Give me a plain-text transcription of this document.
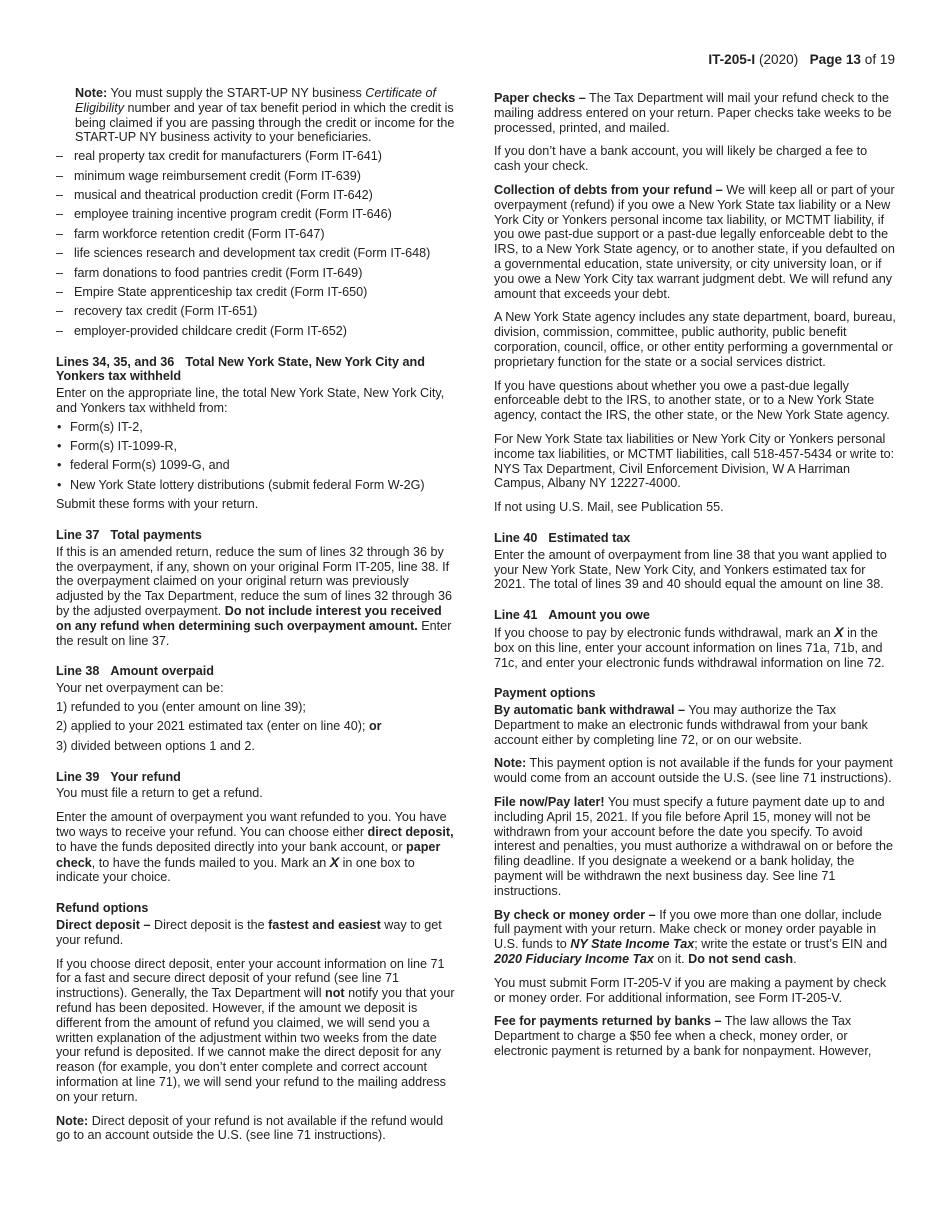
IT-205-I (2020) Page 13 of 19

Note: You must supply the START-UP NY business Certificate of Eligibility number and year of tax benefit period in which the credit is being claimed if you are passing through the credit or income for the START-UP NY business activity to your beneficiaries.

– real property tax credit for manufacturers (Form IT-641)
– minimum wage reimbursement credit (Form IT-639)
– musical and theatrical production credit (Form IT-642)
– employee training incentive program credit (Form IT-646)
– farm workforce retention credit (Form IT-647)
– life sciences research and development tax credit (Form IT-648)
– farm donations to food pantries credit (Form IT-649)
– Empire State apprenticeship tax credit (Form IT-650)
– recovery tax credit (Form IT-651)
– employer-provided childcare credit (Form IT-652)
Lines 34, 35, and 36 Total New York State, New York City and Yonkers tax withheld

Enter on the appropriate line, the total New York State, New York City, and Yonkers tax withheld from:

• Form(s) IT-2,
• Form(s) IT-1099-R,
• federal Form(s) 1099-G, and
• New York State lottery distributions (submit federal Form W-2G)

Submit these forms with your return.

Line 37 Total payments

If this is an amended return, reduce the sum of lines 32 through 36 by the overpayment, if any, shown on your original Form IT-205, line 38. If the overpayment claimed on your original return was previously adjusted by the Tax Department, reduce the sum of lines 32 through 36 by the adjusted overpayment. Do not include interest you received on any refund when determining such overpayment amount. Enter the result on line 37.

Line 38 Amount overpaid

Your net overpayment can be:

1) refunded to you (enter amount on line 39);
2) applied to your 2021 estimated tax (enter on line 40); or
3) divided between options 1 and 2.
Line 39 Your refund

You must file a return to get a refund.

Enter the amount of overpayment you want refunded to you. You have two ways to receive your refund. You can choose either direct deposit, to have the funds deposited directly into your bank account, or paper check, to have the funds mailed to you. Mark an X in one box to indicate your choice.

Refund options

Direct deposit – Direct deposit is the fastest and easiest way to get your refund.

If you choose direct deposit, enter your account information on line 71 for a fast and secure direct deposit of your refund (see line 71 instructions). Generally, the Tax Department will not notify you that your refund has been deposited. However, if the amount we deposit is different from the amount of refund you claimed, we will send you a written explanation of the adjustment within two weeks from the date your refund is deposited. If we cannot make the direct deposit for any reason (for example, you don’t enter complete and correct account information at line 71), we will send your refund to the mailing address on your return.

Note: Direct deposit of your refund is not available if the refund would go to an account outside the U.S. (see line 71 instructions).

Paper checks – The Tax Department will mail your refund check to the mailing address entered on your return. Paper checks take weeks to be processed, printed, and mailed.

If you don’t have a bank account, you will likely be charged a fee to cash your check.

Collection of debts from your refund – We will keep all or part of your overpayment (refund) if you owe a New York State tax liability or a New York City or Yonkers personal income tax liability, or MCTMT liability, if you owe past-due support or a past-due legally enforceable debt to the IRS, to a New York State agency, or to another state, if you defaulted on a governmental education, state university, or city university loan, or if you owe a New York City tax warrant judgment debt. We will refund any amount that exceeds your debt.

A New York State agency includes any state department, board, bureau, division, commission, committee, public authority, public benefit corporation, council, office, or other entity performing a governmental or proprietary function for the state or a social services district.

If you have questions about whether you owe a past-due legally enforceable debt to the IRS, to another state, or to a New York State agency, contact the IRS, the other state, or the New York State agency.

For New York State tax liabilities or New York City or Yonkers personal income tax liabilities, or MCTMT liabilities, call 518-457-5434 or write to: NYS Tax Department, Civil Enforcement Division, W A Harriman Campus, Albany NY 12227-4000.

If not using U.S. Mail, see Publication 55.

Line 40 Estimated tax

Enter the amount of overpayment from line 38 that you want applied to your New York State, New York City, and Yonkers estimated tax for 2021. The total of lines 39 and 40 should equal the amount on line 38.

Line 41 Amount you owe

If you choose to pay by electronic funds withdrawal, mark an X in the box on this line, enter your account information on lines 71a, 71b, and 71c, and enter your electronic funds withdrawal information on line 72.

Payment options

By automatic bank withdrawal – You may authorize the Tax Department to make an electronic funds withdrawal from your bank account either by completing line 72, or on our website.

Note: This payment option is not available if the funds for your payment would come from an account outside the U.S. (see line 71 instructions).

File now/Pay later! You must specify a future payment date up to and including April 15, 2021. If you file before April 15, money will not be withdrawn from your account before the date you specify. To avoid interest and penalties, you must authorize a withdrawal on or before the filing deadline. If you designate a weekend or a bank holiday, the payment will be withdrawn the next business day. See line 71 instructions.

By check or money order – If you owe more than one dollar, include full payment with your return. Make check or money order payable in U.S. funds to NY State Income Tax; write the estate or trust’s EIN and 2020 Fiduciary Income Tax on it. Do not send cash.

You must submit Form IT-205-V if you are making a payment by check or money order. For additional information, see Form IT-205-V.

Fee for payments returned by banks – The law allows the Tax Department to charge a $50 fee when a check, money order, or electronic payment is returned by a bank for nonpayment. However,
